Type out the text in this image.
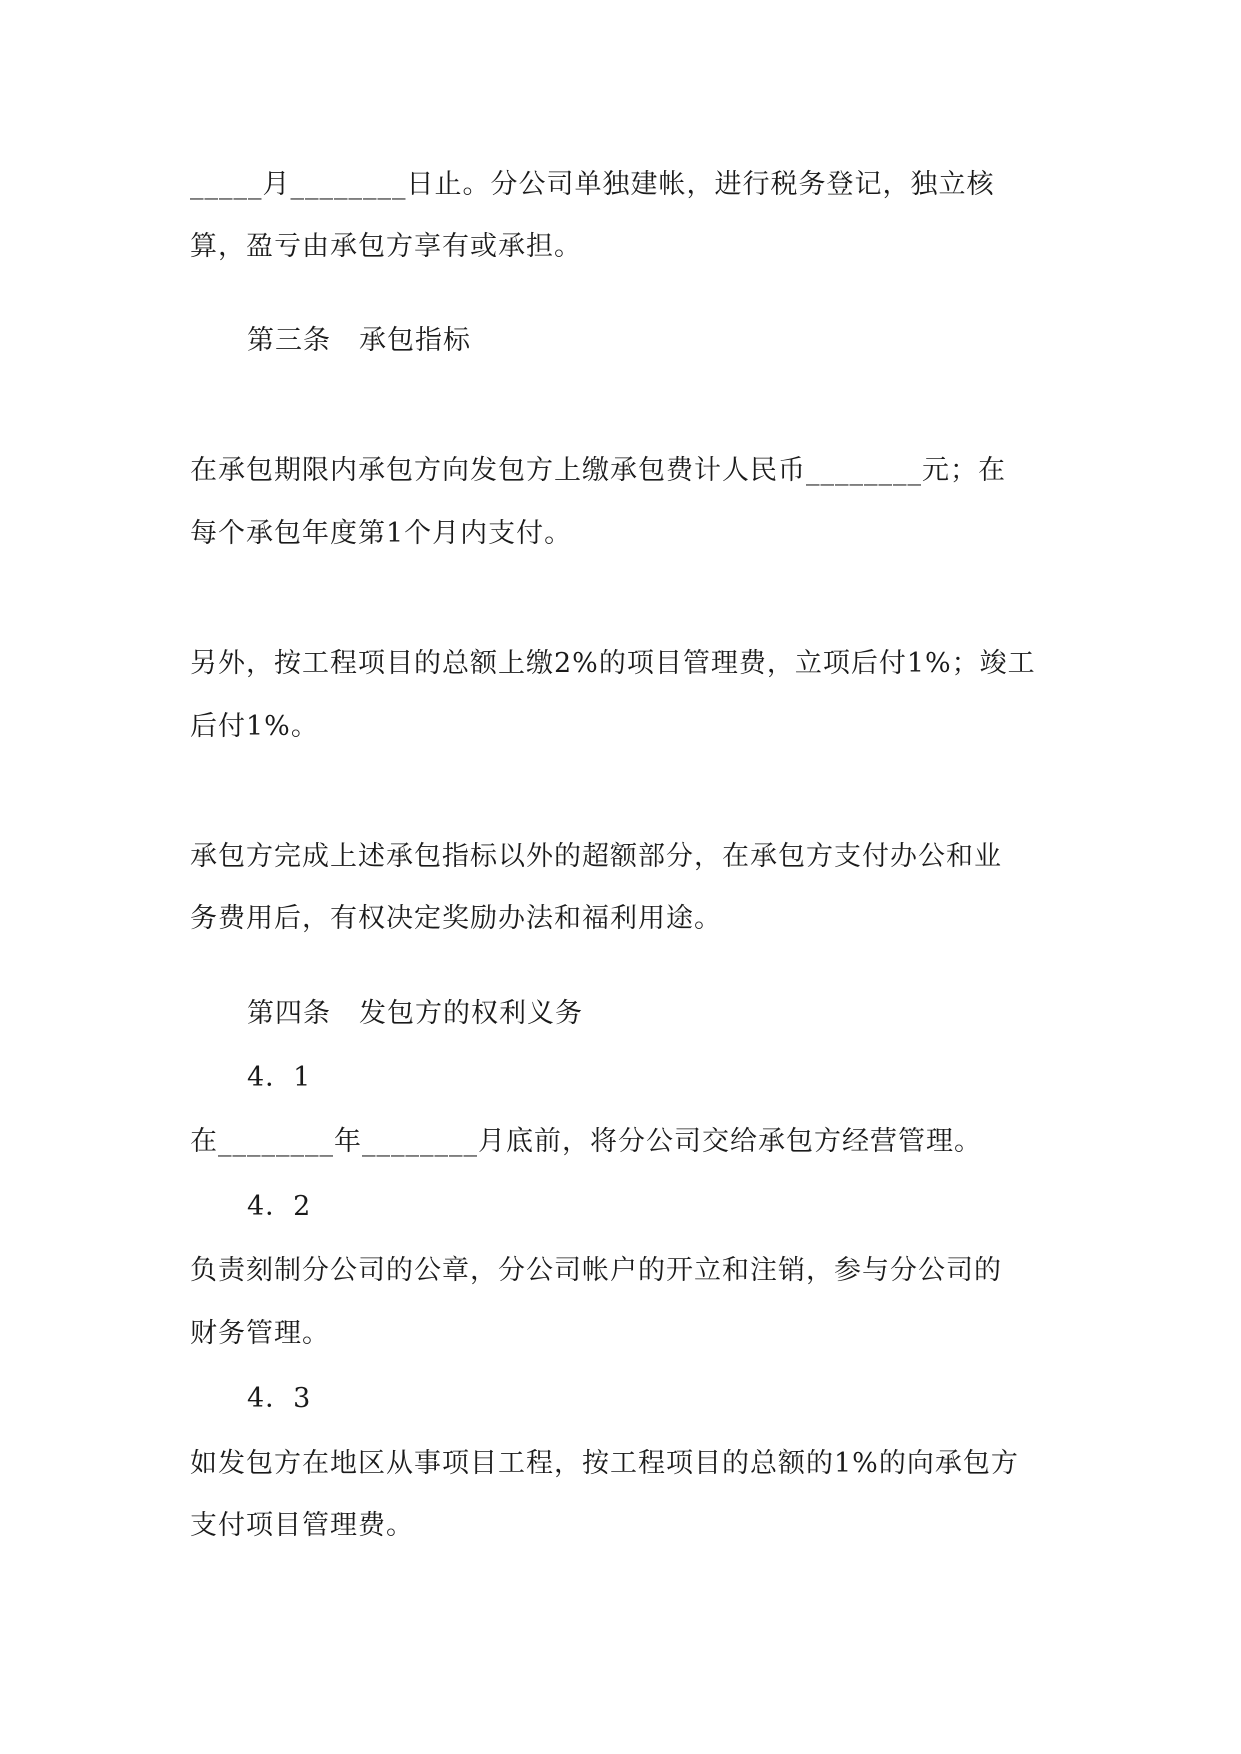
_____月________日止。分公司单独建帐，进行税务登记，独立核
算，盈亏由承包方享有或承担。
第三条　承包指标
在承包期限内承包方向发包方上缴承包费计人民币________元；在
每个承包年度第1个月内支付。
另外，按工程项目的总额上缴2%的项目管理费，立项后付1%；竣工
后付1%。
承包方完成上述承包指标以外的超额部分，在承包方支付办公和业
务费用后，有权决定奖励办法和福利用途。
第四条　发包方的权利义务
4．1
在________年________月底前，将分公司交给承包方经营管理。
4．2
负责刻制分公司的公章，分公司帐户的开立和注销，参与分公司的
财务管理。
4．3
如发包方在地区从事项目工程，按工程项目的总额的1%的向承包方
支付项目管理费。
